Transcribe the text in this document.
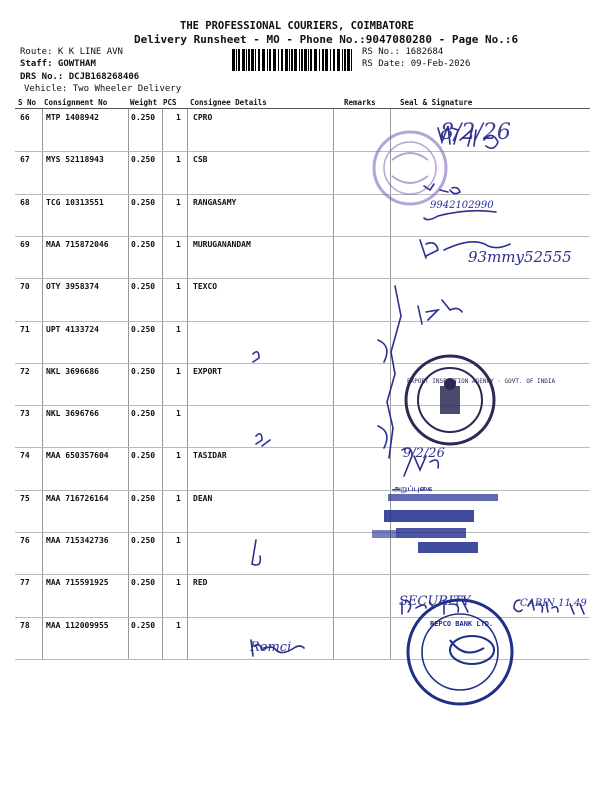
THE PROFESSIONAL COURIERS, COIMBATORE
Delivery Runsheet - MO - Phone No.:9047080280 - Page No.:6
Route: K K LINE AVN
Staff: GOWTHAM
DRS No.: DCJB168268406
Vehicle: Two Wheeler Delivery
RS No.: 1682684
RS Date: 09-Feb-2026
S No Consignment No	Weight PCS Consignee Details	Remarks	Seal & Signature
66 MTP 1408942	0.250	1 CPRO
67 MYS 52118943	0.250	1 CSB
68 TCG 10313551	0.250	1 RANGASAMY
69 MAA 715872046	0.250	1 MURUGANANDAM
70 OTY 3958374	0.250	1 TEXCO
71 UPT 4133724	0.250	1
72 NKL 3696686	0.250	1 EXPORT
73 NKL 3696766	0.250	1
74 MAA 650357604	0.250	1 TASIDAR
75 MAA 716726164	0.250	1 DEAN
76 MAA 715342736	0.250	1
77 MAA 715591925	0.250	1 RED
78 MAA 112009955	0.250	1
8/2/26
9942102990
93mmy52555
9/2/26
SECURITY	CABIN 11.49
Remci
EXPORT INSPECTION AGENCY · GOVT. OF INDIA
REPCO BANK LTD.
அறுப்புகை
